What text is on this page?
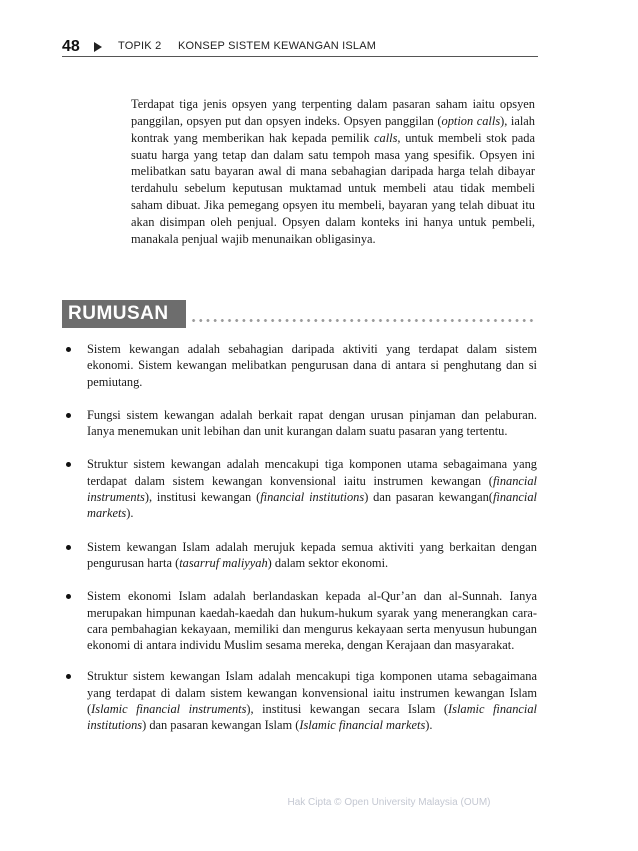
48	TOPIK 2 KONSEP SISTEM KEWANGAN ISLAM

Terdapat tiga jenis opsyen yang terpenting dalam pasaran saham iaitu opsyen panggilan, opsyen put dan opsyen indeks. Opsyen panggilan (option calls), ialah kontrak yang memberikan hak kepada pemilik calls, untuk membeli stok pada suatu harga yang tetap dan dalam satu tempoh masa yang spesifik. Opsyen ini melibatkan satu bayaran awal di mana sebahagian daripada harga telah dibayar terdahulu sebelum keputusan muktamad untuk membeli atau tidak membeli saham dibuat. Jika pemegang opsyen itu membeli, bayaran yang telah dibuat itu akan disimpan oleh penjual. Opsyen dalam konteks ini hanya untuk pembeli, manakala penjual wajib menunaikan obligasinya.

RUMUSAN
Sistem kewangan adalah sebahagian daripada aktiviti yang terdapat dalam sistem ekonomi. Sistem kewangan melibatkan pengurusan dana di antara si penghutang dan si pemiutang.
Fungsi sistem kewangan adalah berkait rapat dengan urusan pinjaman dan pelaburan. Ianya menemukan unit lebihan dan unit kurangan dalam suatu pasaran yang tertentu.
Struktur sistem kewangan adalah mencakupi tiga komponen utama sebagaimana yang terdapat dalam sistem kewangan konvensional iaitu instrumen kewangan (financial instruments), institusi kewangan (financial institutions) dan pasaran kewangan(financial markets).
Sistem kewangan Islam adalah merujuk kepada semua aktiviti yang berkaitan dengan pengurusan harta (tasarruf maliyyah) dalam sektor ekonomi.
Sistem ekonomi Islam adalah berlandaskan kepada al-Qur’an dan al-Sunnah. Ianya merupakan himpunan kaedah-kaedah dan hukum-hukum syarak yang menerangkan cara-cara pembahagian kekayaan, memiliki dan mengurus kekayaan serta menyusun hubungan ekonomi di antara individu Muslim sesama mereka, dengan Kerajaan dan masyarakat.
Struktur sistem kewangan Islam adalah mencakupi tiga komponen utama sebagaimana yang terdapat di dalam sistem kewangan konvensional iaitu instrumen kewangan Islam (Islamic financial instruments), institusi kewangan secara Islam (Islamic financial institutions) dan pasaran kewangan Islam (Islamic financial markets).
Hak Cipta © Open University Malaysia (OUM)
